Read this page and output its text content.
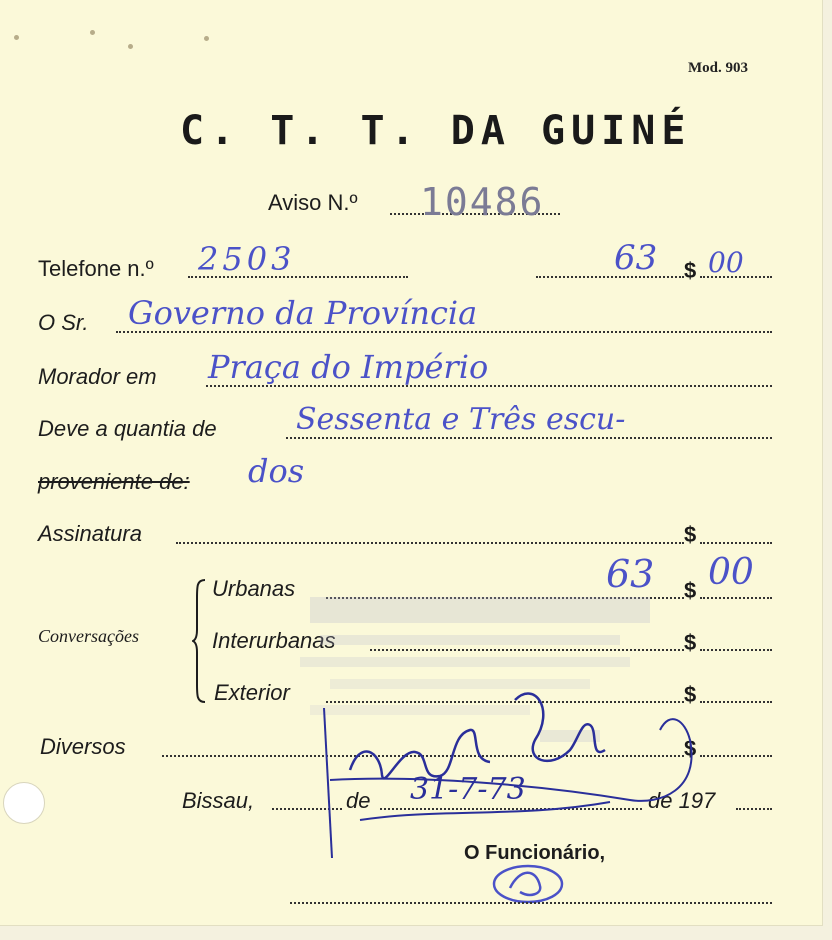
Mod. 903
C. T. T. DA GUINÉ
Aviso N.º 10486
Telefone n.º 2503	63 $ 00
O Sr. Governo da Província
Morador em Praça do Império
Deve a quantia de	Sessenta e Três escu-
proveniente de: dos
Assinatura	$
Conversações
Urbanas	63 $ 00
Interurbanas	$
Exterior	$
Diversos	$
Bissau,	de 31-7-73	de 197
O Funcionário,
